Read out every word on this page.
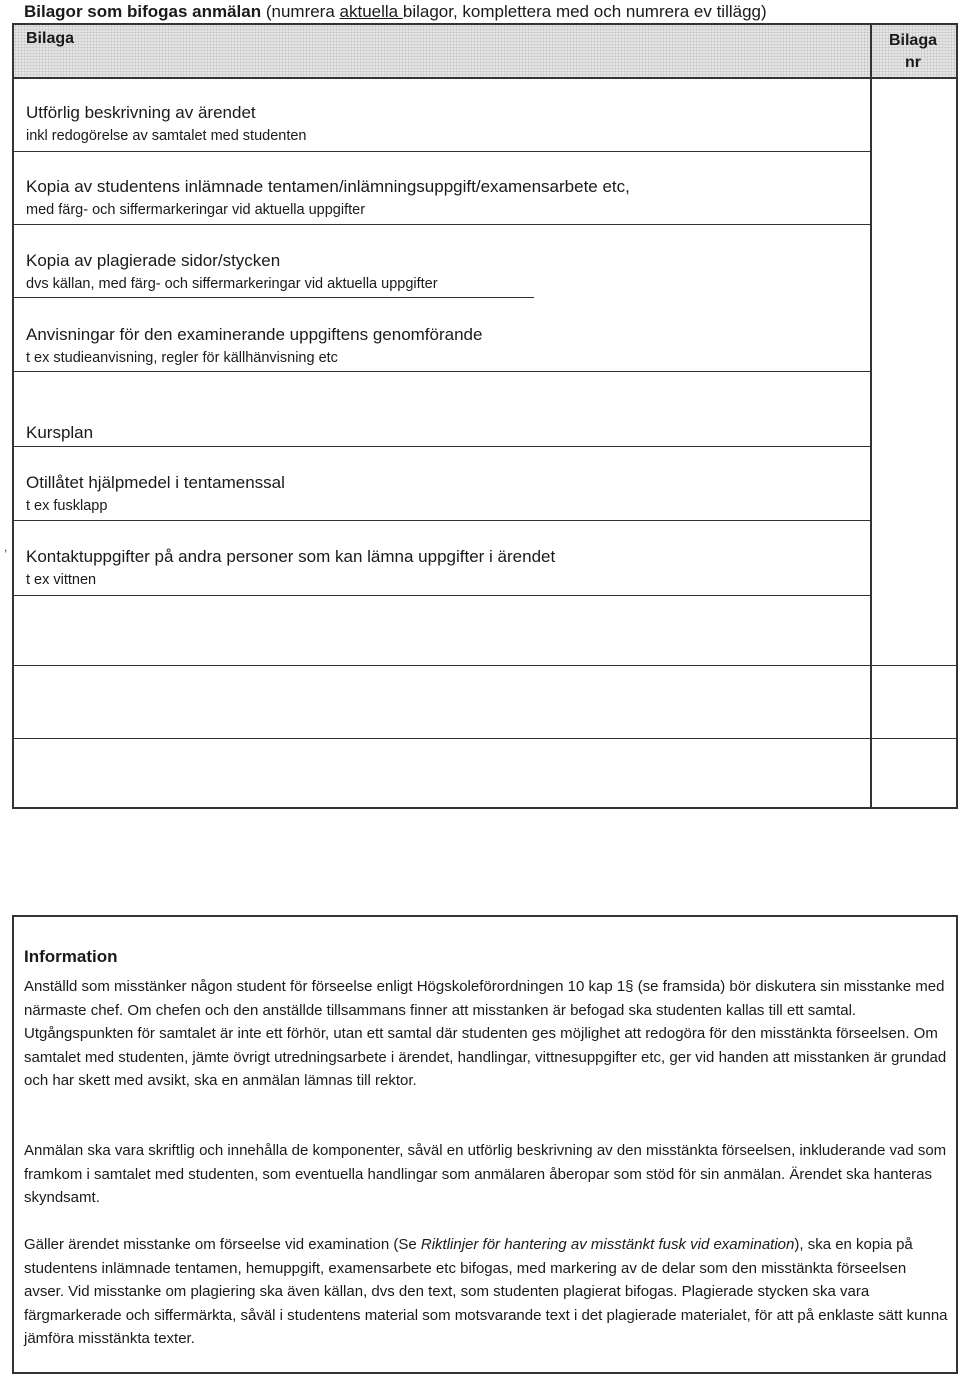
Bilagor som bifogas anmälan (numrera aktuella bilagor, komplettera med och numrera ev tillägg)
Bilaga	Bilaga
nr
Utförlig beskrivning av ärendet
inkl redogörelse av samtalet med studenten
Kopia av studentens inlämnade tentamen/inlämningsuppgift/examensarbete etc,
med färg- och siffermarkeringar vid aktuella uppgifter
Kopia av plagierade sidor/stycken
dvs källan, med färg- och siffermarkeringar vid aktuella uppgifter
Anvisningar för den examinerande uppgiftens genomförande
t ex studieanvisning, regler för källhänvisning etc
Kursplan
Otillåtet hjälpmedel i tentamenssal
t ex fusklapp
Kontaktuppgifter på andra personer som kan lämna uppgifter i ärendet
t ex vittnen
,
Information

Anställd som misstänker någon student för förseelse enligt Högskoleförordningen 10 kap 1§ (se framsida) bör diskutera sin misstanke med närmaste chef. Om chefen och den anställde tillsammans finner att misstanken är befogad ska studenten kallas till ett samtal. Utgångspunkten för samtalet är inte ett förhör, utan ett samtal där studenten ges möjlighet att redogöra för den misstänkta förseelsen. Om samtalet med studenten, jämte övrigt utredningsarbete i ärendet, handlingar, vittnesuppgifter etc, ger vid handen att misstanken är grundad och har skett med avsikt, ska en anmälan lämnas till rektor.

Anmälan ska vara skriftlig och innehålla de komponenter, såväl en utförlig beskrivning av den misstänkta förseelsen, inkluderande vad som framkom i samtalet med studenten, som eventuella handlingar som anmälaren åberopar som stöd för sin anmälan. Ärendet ska hanteras skyndsamt.

Gäller ärendet misstanke om förseelse vid examination (Se Riktlinjer för hantering av misstänkt fusk vid examination), ska en kopia på studentens inlämnade tentamen, hemuppgift, examensarbete etc bifogas, med markering av de delar som den misstänkta förseelsen avser. Vid misstanke om plagiering ska även källan, dvs den text, som studenten plagierat bifogas. Plagierade stycken ska vara färgmarkerade och siffermärkta, såväl i studentens material som motsvarande text i det plagierade materialet, för att på enklaste sätt kunna jämföra misstänkta texter.
